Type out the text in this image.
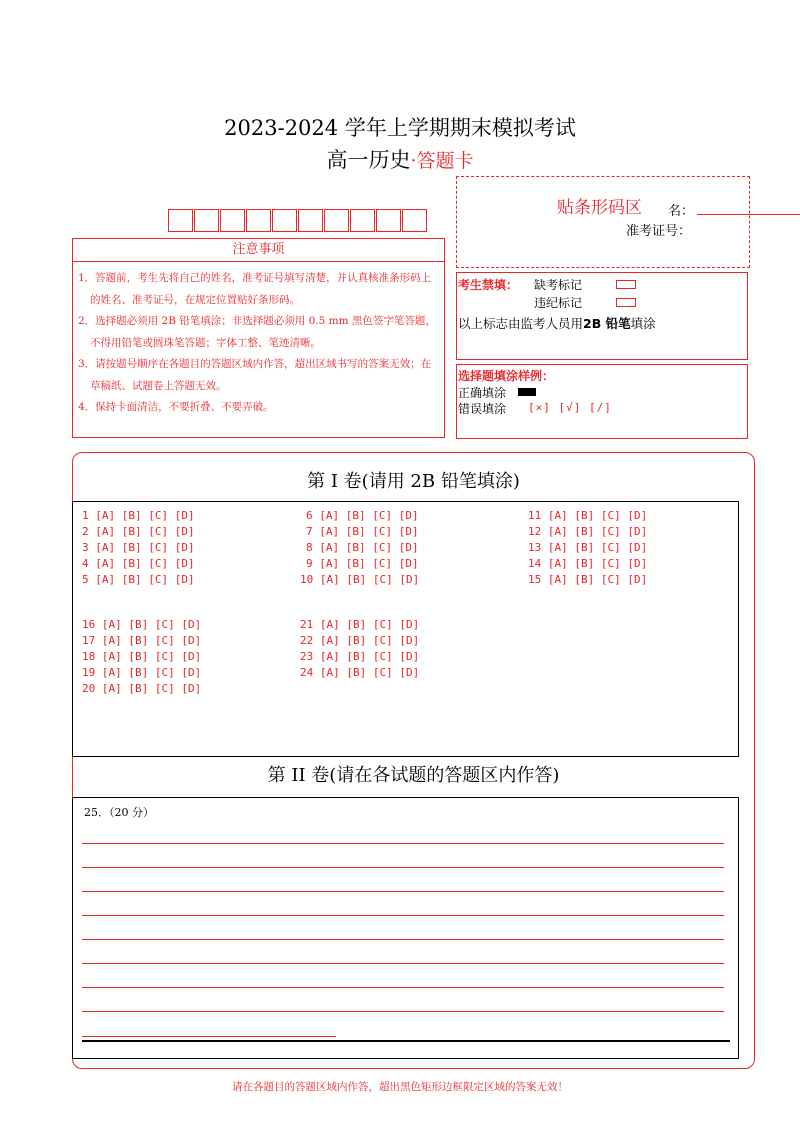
2023-2024 学年上学期期末模拟考试
高一历史·答题卡
贴条形码区 名：
准考证号：
注意事项
1．答题前，考生先将自己的姓名，准考证号填写清楚，并认真核准条形码上的姓名、准考证号，在规定位置贴好条形码。
2．选择题必须用 2B 铅笔填涂；非选择题必须用 0.5 mm 黑色签字笔答题，不得用铅笔或圆珠笔答题；字体工整、笔迹清晰。
3．请按题号顺序在各题目的答题区域内作答，超出区域书写的答案无效；在草稿纸、试题卷上答题无效。
4．保持卡面清洁，不要折叠、不要弄破。
考生禁填： 缺考标记
违纪标记
以上标志由监考人员用2B 铅笔填涂
选择题填涂样例：
正确填涂
错误填涂 [×] [√] [/]
第 I 卷(请用 2B 铅笔填涂)
1 [A] [B] [C] [D]
2 [A] [B] [C] [D]
3 [A] [B] [C] [D]
4 [A] [B] [C] [D]
5 [A] [B] [C] [D]
6 [A] [B] [C] [D]
7 [A] [B] [C] [D]
8 [A] [B] [C] [D]
9 [A] [B] [C] [D]
10 [A] [B] [C] [D]
11 [A] [B] [C] [D]
12 [A] [B] [C] [D]
13 [A] [B] [C] [D]
14 [A] [B] [C] [D]
15 [A] [B] [C] [D]
16 [A] [B] [C] [D]
17 [A] [B] [C] [D]
18 [A] [B] [C] [D]
19 [A] [B] [C] [D]
20 [A] [B] [C] [D]
21 [A] [B] [C] [D]
22 [A] [B] [C] [D]
23 [A] [B] [C] [D]
24 [A] [B] [C] [D]
第 II 卷(请在各试题的答题区内作答)
25．（20 分）
请在各题目的答题区域内作答，超出黑色矩形边框限定区域的答案无效！
